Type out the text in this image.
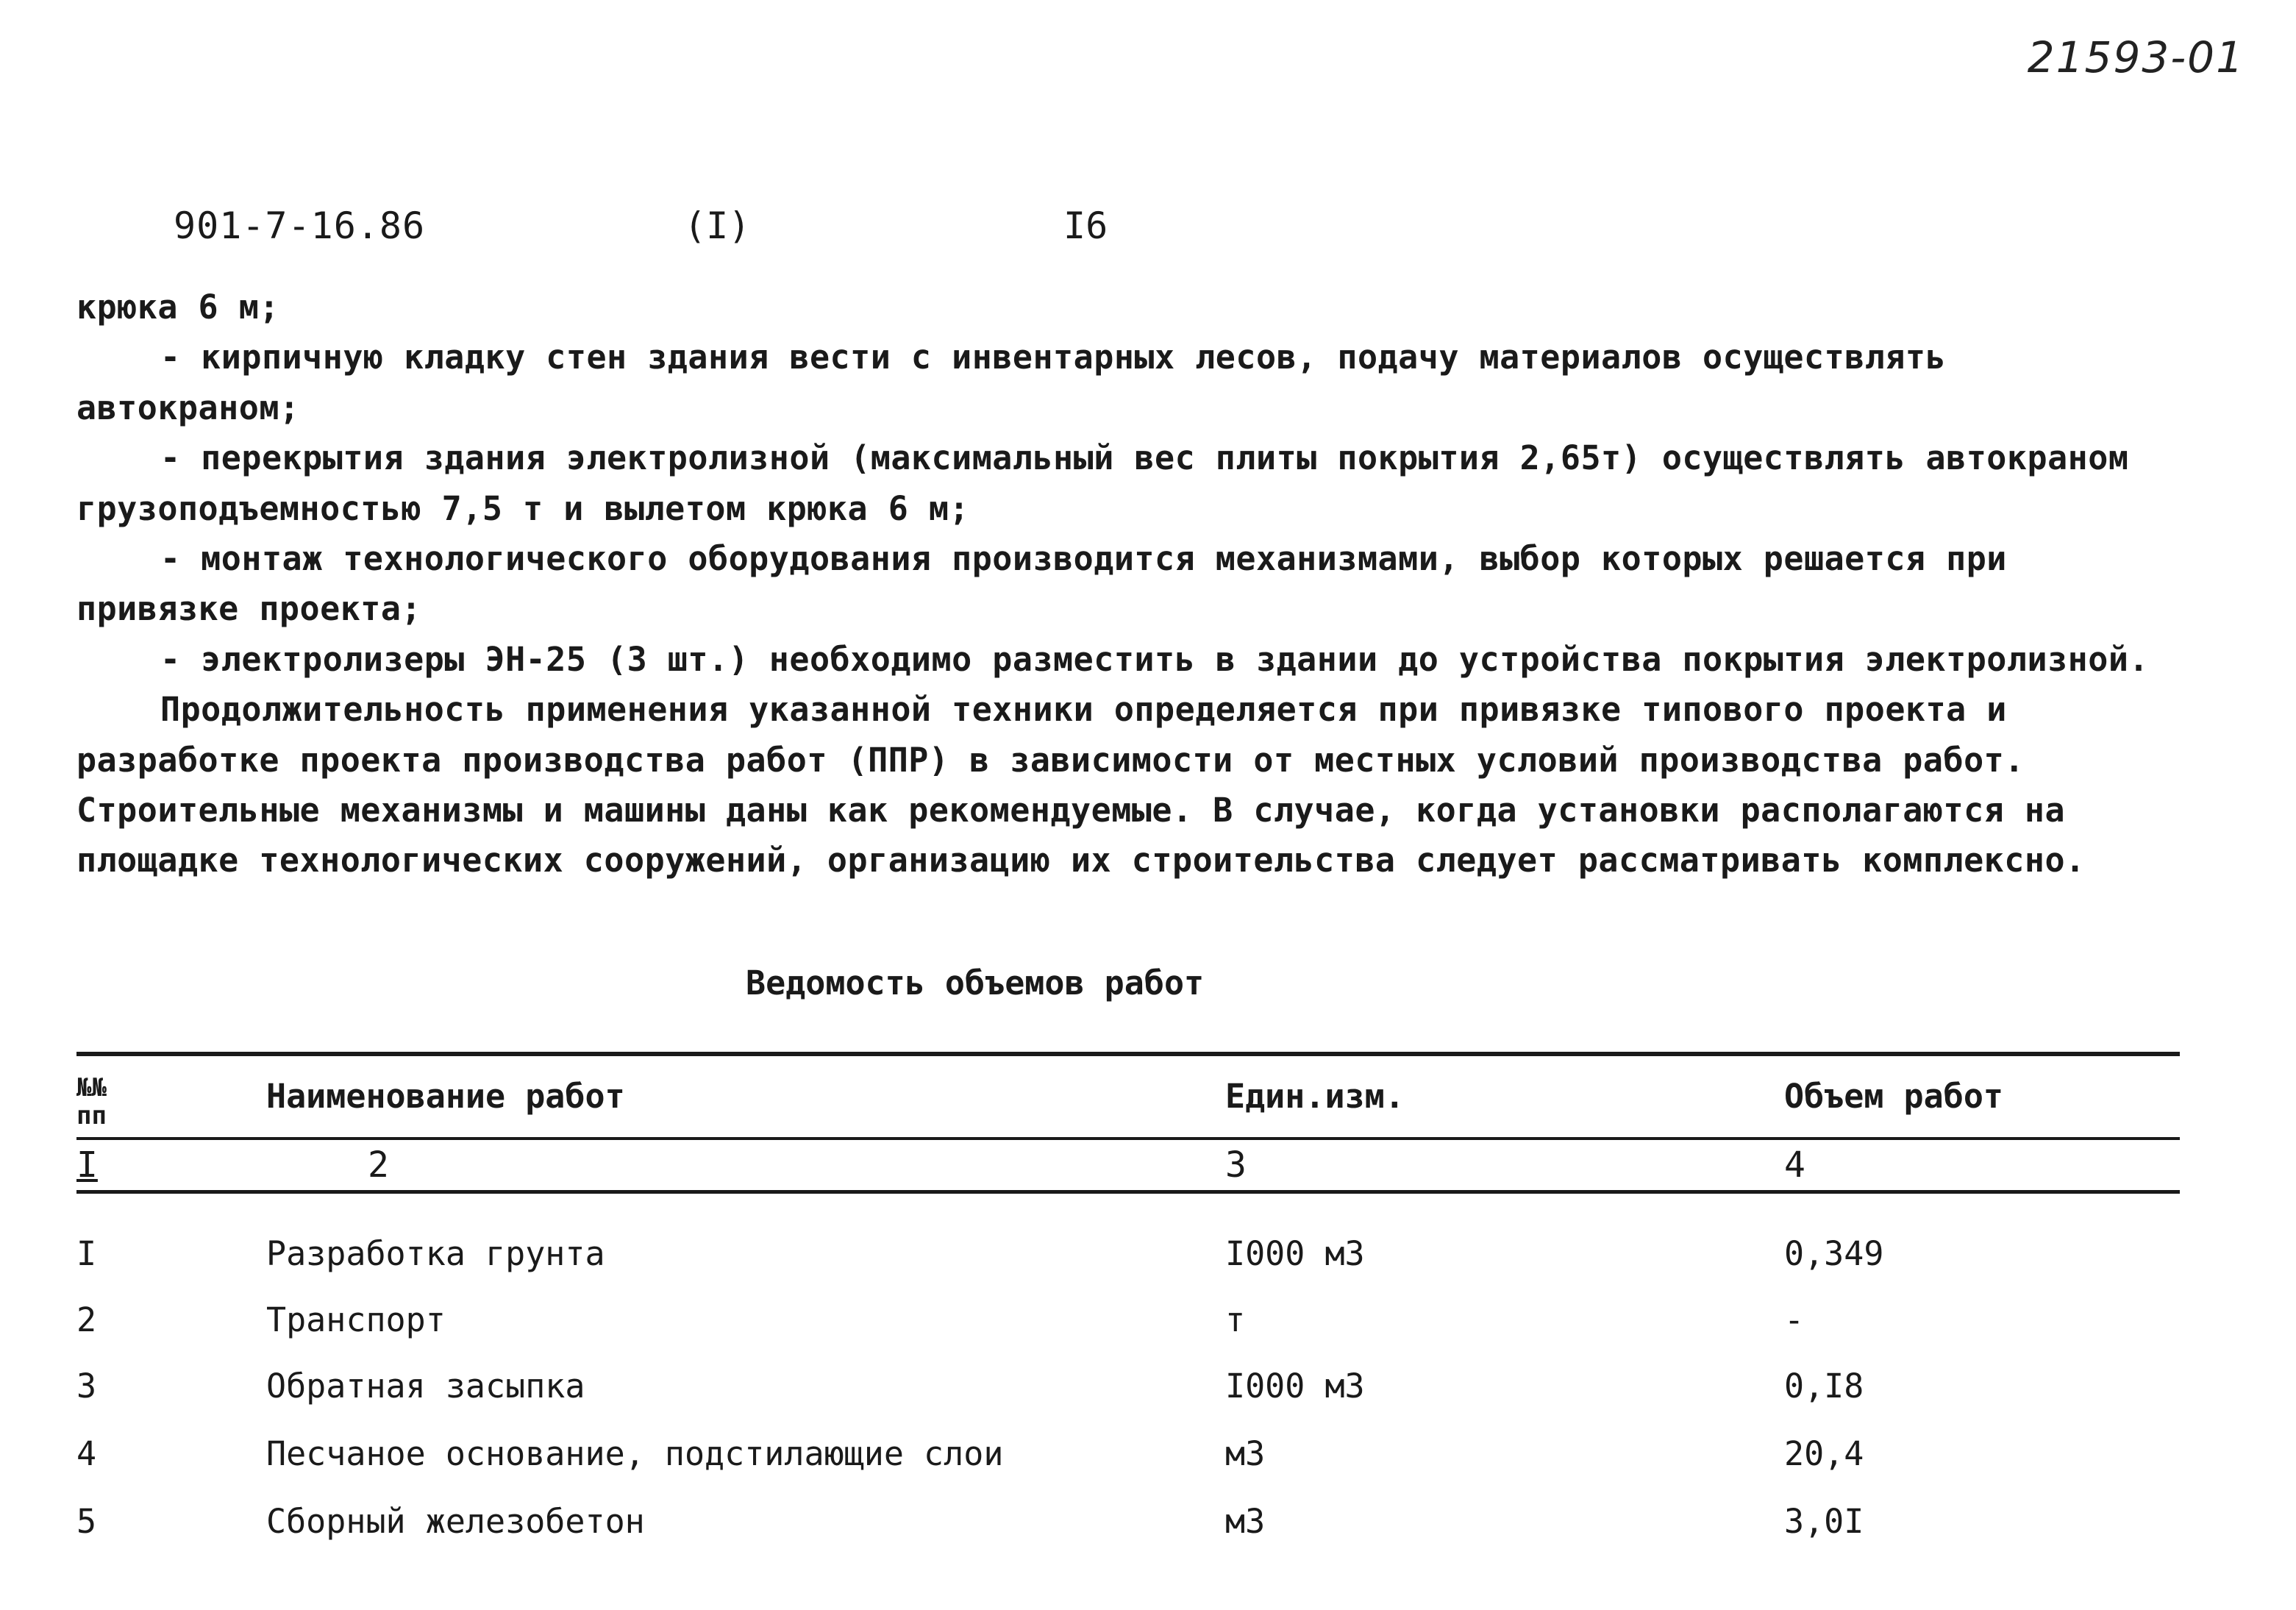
21593-01
901-7-16.86	(I)	I6

крюка 6 м;

- кирпичную кладку стен здания вести с инвентарных лесов, подачу материалов осуществлять автокраном;

- перекрытия здания электролизной (максимальный вес плиты покрытия 2,65т) осуществлять автокраном грузоподъемностью 7,5 т и вылетом крюка 6 м;

- монтаж технологического оборудования производится механизмами, выбор которых решается при привязке проекта;

- электролизеры ЭН-25 (3 шт.) необходимо разместить в здании до устройства покрытия электролизной.

Продолжительность применения указанной техники определяется при привязке типового проекта и разработке проекта производства работ (ППР) в зависимости от местных условий производства работ. Строительные механизмы и машины даны как рекомендуемые. В случае, когда установки располагаются на площадке технологических сооружений, организацию их строительства следует рассматривать комплексно.

Ведомость объемов работ
№№
пп	Наименование работ	Един.изм.	Объем работ
I	2	3	4
I	Разработка грунта	I000 м3	0,349
2	Транспорт	т	-
3	Обратная засыпка	I000 м3	0,I8
4	Песчаное основание, подстилающие слои	м3	20,4
5	Сборный железобетон	м3	3,0I
